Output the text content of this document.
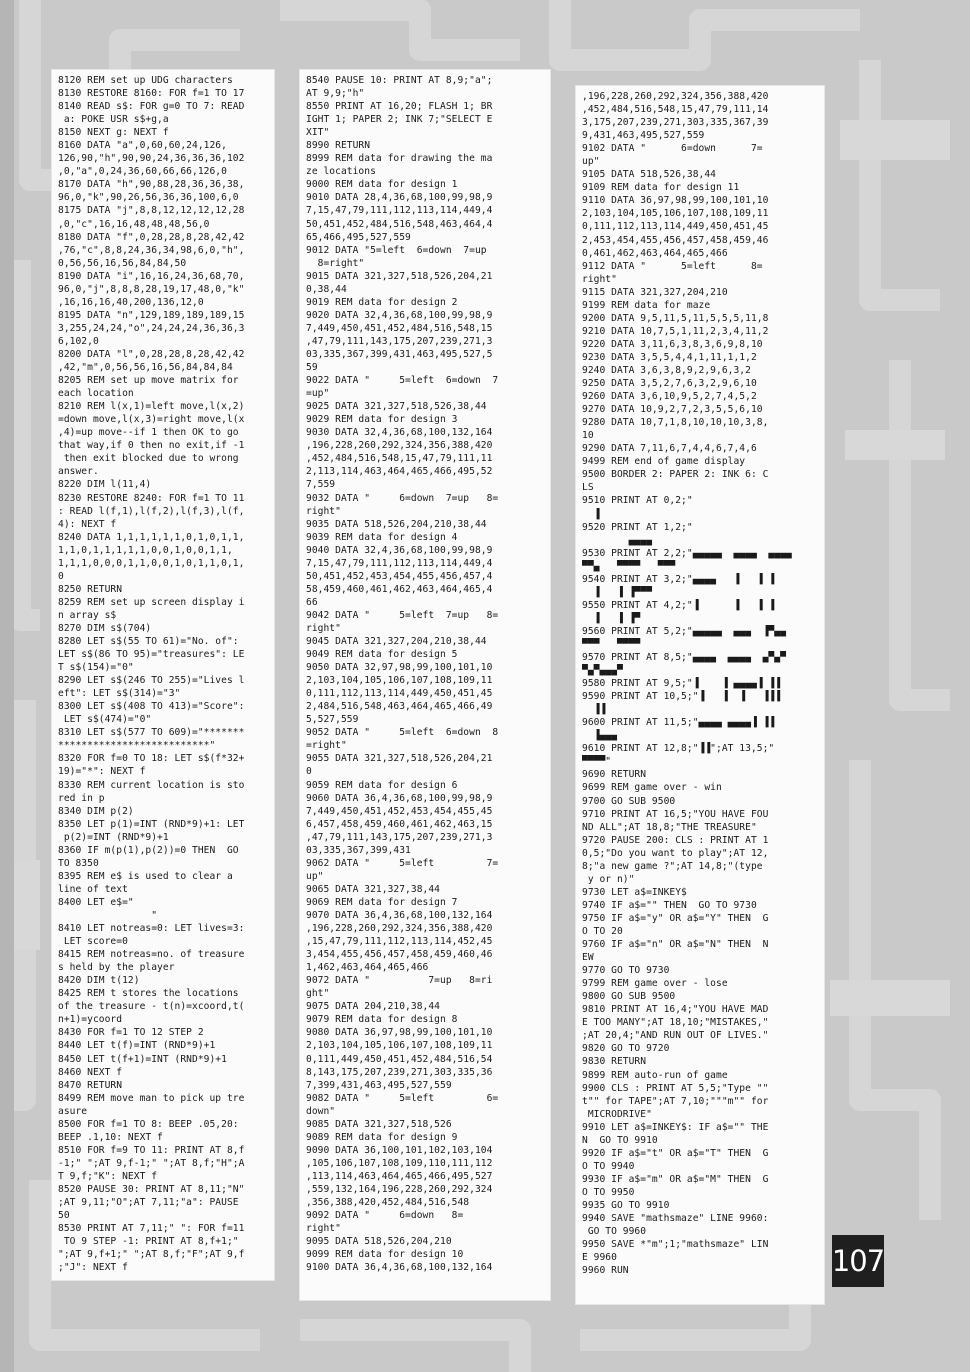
8120 REM set up UDG characters
8130 RESTORE 8160: FOR f=1 TO 17
8140 READ s$: FOR g=0 TO 7: READ
a: POKE USR s$+g,a
8150 NEXT g: NEXT f
8160 DATA "a",0,60,60,24,126,
126,90,"h",90,90,24,36,36,36,102
,0,"a",0,24,36,60,66,66,126,0
8170 DATA "h",90,88,28,36,36,38,
96,0,"k",90,26,56,36,36,100,6,0
8175 DATA "j",8,8,12,12,12,12,28
,0,"c",16,16,48,48,48,56,0
8180 DATA "f",0,28,28,8,28,42,42
,76,"c",8,8,24,36,34,98,6,0,"h",
0,56,56,16,56,84,84,50
8190 DATA "i",16,16,24,36,68,70,
96,0,"j",8,8,8,28,19,17,48,0,"k"
,16,16,16,40,200,136,12,0
8195 DATA "n",129,189,189,189,15
3,255,24,24,"o",24,24,24,36,36,3
6,102,0
8200 DATA "l",0,28,28,8,28,42,42
,42,"m",0,56,56,16,56,84,84,84
8205 REM set up move matrix for
each location
8210 REM l(x,1)=left move,l(x,2)
=down move,l(x,3)=right move,l(x
,4)=up move--if 1 then OK to go
that way,if 0 then no exit,if -1
then exit blocked due to wrong
answer.
8220 DIM l(11,4)
8230 RESTORE 8240: FOR f=1 TO 11
: READ l(f,1),l(f,2),l(f,3),l(f,
4): NEXT f
8240 DATA 1,1,1,1,1,1,0,1,0,1,1,
1,1,0,1,1,1,1,1,0,0,1,0,0,1,1,
1,1,1,0,0,0,1,1,0,0,1,0,1,1,0,1,
0
8250 RETURN
8259 REM set up screen display i
n array s$
8270 DIM s$(704)
8280 LET s$(55 TO 61)="No. of":
LET s$(86 TO 95)="treasures": LE
T s$(154)="0"
8290 LET s$(246 TO 255)="Lives l
eft": LET s$(314)="3"
8300 LET s$(408 TO 413)="Score":
LET s$(474)="0"
8310 LET s$(577 TO 609)="*******
**************************"
8320 FOR f=0 TO 18: LET s$(f*32+
19)="*": NEXT f
8330 REM current location is sto
red in p
8340 DIM p(2)
8350 LET p(1)=INT (RND*9)+1: LET
p(2)=INT (RND*9)+1
8360 IF m(p(1),p(2))=0 THEN  GO
TO 8350
8395 REM e$ is used to clear a
line of text
8400 LET e$="
"
8410 LET notreas=0: LET lives=3:
LET score=0
8415 REM notreas=no. of treasure
s held by the player
8420 DIM t(12)
8425 REM t stores the locations
of the treasure - t(n)=xcoord,t(
n+1)=ycoord
8430 FOR f=1 TO 12 STEP 2
8440 LET t(f)=INT (RND*9)+1
8450 LET t(f+1)=INT (RND*9)+1
8460 NEXT f
8470 RETURN
8499 REM move man to pick up tre
asure
8500 FOR f=1 TO 8: BEEP .05,20:
BEEP .1,10: NEXT f
8510 FOR f=9 TO 11: PRINT AT 8,f
-1;" ";AT 9,f-1;" ";AT 8,f;"H";A
T 9,f;"K": NEXT f
8520 PAUSE 30: PRINT AT 8,11;"N"
;AT 9,11;"O";AT 7,11;"a": PAUSE
50
8530 PRINT AT 7,11;" ": FOR f=11
TO 9 STEP -1: PRINT AT 8,f+1;"
";AT 9,f+1;" ";AT 8,f;"F";AT 9,f
;"J": NEXT f
8540 PAUSE 10: PRINT AT 8,9;"a";
AT 9,9;"h"
8550 PRINT AT 16,20; FLASH 1; BR
IGHT 1; PAPER 2; INK 7;"SELECT E
XIT"
8990 RETURN
8999 REM data for drawing the ma
ze locations
9000 REM data for design 1
9010 DATA 28,4,36,68,100,99,98,9
7,15,47,79,111,112,113,114,449,4
50,451,452,484,516,548,463,464,4
65,466,495,527,559
9012 DATA "5=left  6=down  7=up
8=right"
9015 DATA 321,327,518,526,204,21
0,38,44
9019 REM data for design 2
9020 DATA 32,4,36,68,100,99,98,9
7,449,450,451,452,484,516,548,15
,47,79,111,143,175,207,239,271,3
03,335,367,399,431,463,495,527,5
59
9022 DATA "     5=left  6=down  7
=up"
9025 DATA 321,327,518,526,38,44
9029 REM data for design 3
9030 DATA 32,4,36,68,100,132,164
,196,228,260,292,324,356,388,420
,452,484,516,548,15,47,79,111,11
2,113,114,463,464,465,466,495,52
7,559
9032 DATA "     6=down  7=up   8=
right"
9035 DATA 518,526,204,210,38,44
9039 REM data for design 4
9040 DATA 32,4,36,68,100,99,98,9
7,15,47,79,111,112,113,114,449,4
50,451,452,453,454,455,456,457,4
58,459,460,461,462,463,464,465,4
66
9042 DATA "     5=left  7=up   8=
right"
9045 DATA 321,327,204,210,38,44
9049 REM data for design 5
9050 DATA 32,97,98,99,100,101,10
2,103,104,105,106,107,108,109,11
0,111,112,113,114,449,450,451,45
2,484,516,548,463,464,465,466,49
5,527,559
9052 DATA "     5=left  6=down  8
=right"
9055 DATA 321,327,518,526,204,21
0
9059 REM data for design 6
9060 DATA 36,4,36,68,100,99,98,9
7,449,450,451,452,453,454,455,45
6,457,458,459,460,461,462,463,15
,47,79,111,143,175,207,239,271,3
03,335,367,399,431
9062 DATA "     5=left         7=
up"
9065 DATA 321,327,38,44
9069 REM data for design 7
9070 DATA 36,4,36,68,100,132,164
,196,228,260,292,324,356,388,420
,15,47,79,111,112,113,114,452,45
3,454,455,456,457,458,459,460,46
1,462,463,464,465,466
9072 DATA "          7=up   8=ri
ght"
9075 DATA 204,210,38,44
9079 REM data for design 8
9080 DATA 36,97,98,99,100,101,10
2,103,104,105,106,107,108,109,11
0,111,449,450,451,452,484,516,54
8,143,175,207,239,271,303,335,36
7,399,431,463,495,527,559
9082 DATA "     5=left         6=
down"
9085 DATA 321,327,518,526
9089 REM data for design 9
9090 DATA 36,100,101,102,103,104
,105,106,107,108,109,110,111,112
,113,114,463,464,465,466,495,527
,559,132,164,196,228,260,292,324
,356,388,420,452,484,516,548
9092 DATA "     6=down   8=
right"
9095 DATA 518,526,204,210
9099 REM data for design 10
9100 DATA 36,4,36,68,100,132,164
,196,228,260,292,324,356,388,420
,452,484,516,548,15,47,79,111,14
3,175,207,239,271,303,335,367,39
9,431,463,495,527,559
9102 DATA "      6=down      7=
up"
9105 DATA 518,526,38,44
9109 REM data for design 11
9110 DATA 36,97,98,99,100,101,10
2,103,104,105,106,107,108,109,11
0,111,112,113,114,449,450,451,45
2,453,454,455,456,457,458,459,46
0,461,462,463,464,465,466
9112 DATA "      5=left      8=
right"
9115 DATA 321,327,204,210
9199 REM data for maze
9200 DATA 9,5,11,5,11,5,5,5,11,8
9210 DATA 10,7,5,1,11,2,3,4,11,2
9220 DATA 3,11,6,3,8,3,6,9,8,10
9230 DATA 3,5,5,4,4,1,11,1,1,2
9240 DATA 3,6,3,8,9,2,9,6,3,2
9250 DATA 3,5,2,7,6,3,2,9,6,10
9260 DATA 3,6,10,9,5,2,7,4,5,2
9270 DATA 10,9,2,7,2,3,5,5,6,10
9280 DATA 10,7,1,8,10,10,10,3,8,
10
9290 DATA 7,11,6,7,4,4,6,7,4,6
9499 REM end of game display
9500 BORDER 2: PAPER 2: INK 6: C
LS
9510 PRINT AT 0,2;"
▐
9520 PRINT AT 1,2;"
▄▄▄▄
9530 PRINT AT 2,2;"▄▄▄▄▄  ▄▄▄▄  ▄▄▄▄
▀▀▄   ▀▀▀▀   ▀▀▀
9540 PRINT AT 3,2;"▄▄▄▄   ▐   ▐ ▐
▐   ▐ ▐▀▀▀
9550 PRINT AT 4,2;"▐      ▐   ▐ ▐
▐   ▐ ▐▀
9560 PRINT AT 5,2;"▄▄▄▄▄  ▄▄▄  ▐▀▄▄
▀▀▀   ▀▀▀▀
9570 PRINT AT 8,5;"▄▄▄▄  ▄▄▄▄  ▄▀▄▀
▀▄▀▄▄▄▀
9580 PRINT AT 9,5;"▐    ▐ ▄▄▄▄▐ ▐▐
9590 PRINT AT 10,5;"▐   ▐  ▐   ▐▐▐
▐▐
9600 PRINT AT 11,5;"▄▄▄▄ ▄▄▄▄▐ ▐▐
▐▄▄▄
9610 PRINT AT 12,8;"▐▐";AT 13,5;"
▀▀▀▀"
9690 RETURN
9699 REM game over - win
9700 GO SUB 9500
9710 PRINT AT 16,5;"YOU HAVE FOU
ND ALL";AT 18,8;"THE TREASURE"
9720 PAUSE 200: CLS : PRINT AT 1
0,5;"Do you want to play";AT 12,
8;"a new game ?";AT 14,8;"(type
y or n)"
9730 LET a$=INKEY$
9740 IF a$="" THEN  GO TO 9730
9750 IF a$="y" OR a$="Y" THEN  G
O TO 20
9760 IF a$="n" OR a$="N" THEN  N
EW
9770 GO TO 9730
9799 REM game over - lose
9800 GO SUB 9500
9810 PRINT AT 16,4;"YOU HAVE MAD
E TOO MANY";AT 18,10;"MISTAKES,"
;AT 20,4;"AND RUN OUT OF LIVES."
9820 GO TO 9720
9830 RETURN
9899 REM auto-run of game
9900 CLS : PRINT AT 5,5;"Type ""
t"" for TAPE";AT 7,10;"""m"" for
MICRODRIVE"
9910 LET a$=INKEY$: IF a$="" THE
N  GO TO 9910
9920 IF a$="t" OR a$="T" THEN  G
O TO 9940
9930 IF a$="m" OR a$="M" THEN  G
O TO 9950
9935 GO TO 9910
9940 SAVE "mathsmaze" LINE 9960:
GO TO 9960
9950 SAVE *"m";1;"mathsmaze" LIN
E 9960
9960 RUN	107
